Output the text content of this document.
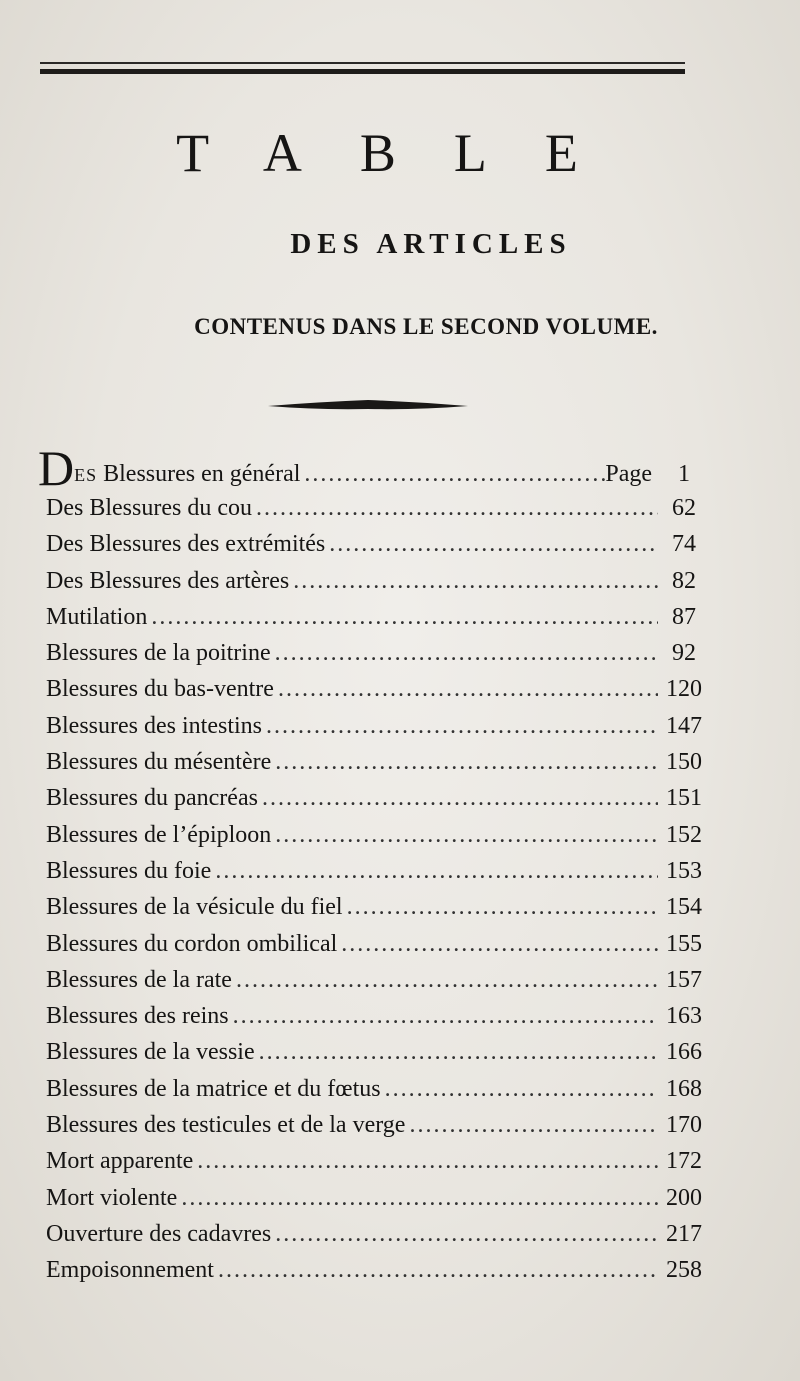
TABLE
DES ARTICLES
CONTENUS DANS LE SECOND VOLUME.
DES Blessures en général .....	Page	1
Des Blessures du cou .....	62
Des Blessures des extrémités .....	74
Des Blessures des artères .....	82
Mutilation .....	87
Blessures de la poitrine .....	92
Blessures du bas-ventre .....	120
Blessures des intestins .....	147
Blessures du mésentère .....	150
Blessures du pancréas .....	151
Blessures de l’épiploon .....	152
Blessures du foie .....	153
Blessures de la vésicule du fiel .....	154
Blessures du cordon ombilical .....	155
Blessures de la rate .....	157
Blessures des reins .....	163
Blessures de la vessie .....	166
Blessures de la matrice et du fœtus .....	168
Blessures des testicules et de la verge .....	170
Mort apparente .....	172
Mort violente .....	200
Ouverture des cadavres .....	217
Empoisonnement .....	258
